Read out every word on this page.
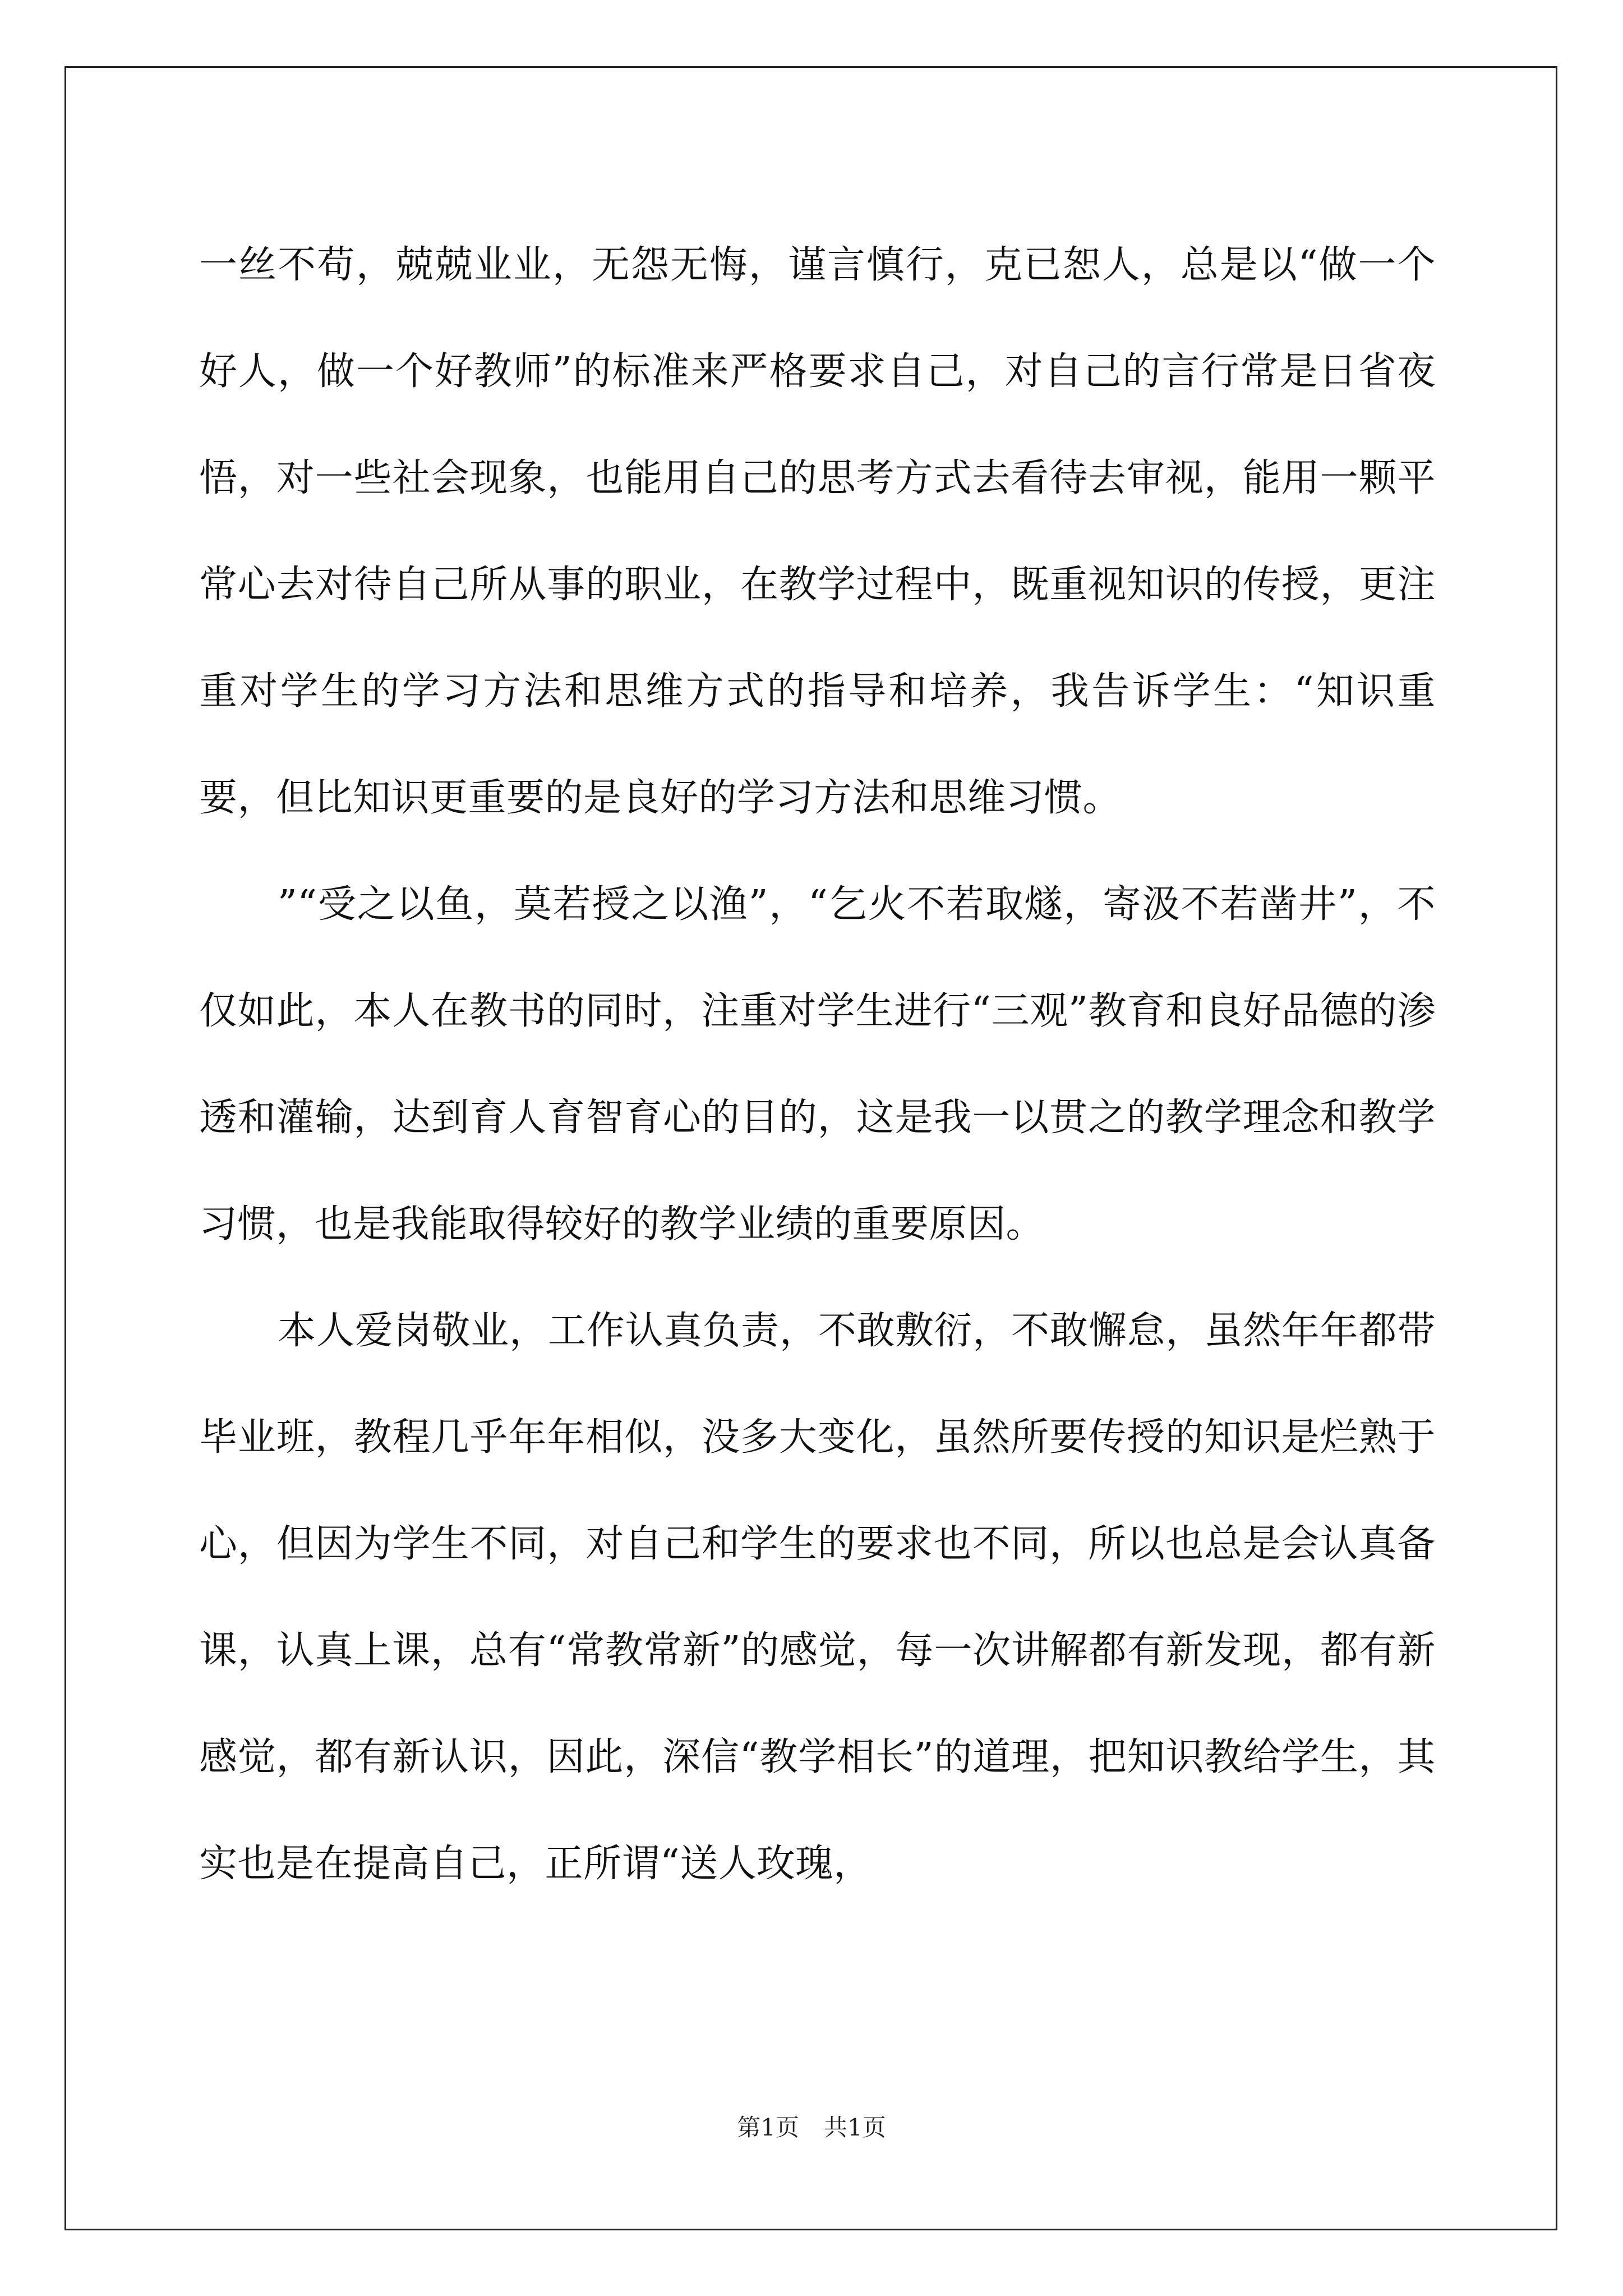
一丝不苟，兢兢业业，无怨无悔，谨言慎行，克已恕人，总是以“做一个好人，做一个好教师”的标准来严格要求自己，对自己的言行常是日省夜悟，对一些社会现象，也能用自己的思考方式去看待去审视，能用一颗平常心去对待自己所从事的职业，在教学过程中，既重视知识的传授，更注重对学生的学习方法和思维方式的指导和培养，我告诉学生：“知识重要，但比知识更重要的是良好的学习方法和思维习惯。

”“受之以鱼，莫若授之以渔”，“乞火不若取燧，寄汲不若凿井”，不仅如此，本人在教书的同时，注重对学生进行“三观”教育和良好品德的渗透和灌输，达到育人育智育心的目的，这是我一以贯之的教学理念和教学习惯，也是我能取得较好的教学业绩的重要原因。

本人爱岗敬业，工作认真负责，不敢敷衍，不敢懈怠，虽然年年都带毕业班，教程几乎年年相似，没多大变化，虽然所要传授的知识是烂熟于心，但因为学生不同，对自己和学生的要求也不同，所以也总是会认真备课，认真上课，总有“常教常新”的感觉，每一次讲解都有新发现，都有新感觉，都有新认识，因此，深信“教学相长”的道理，把知识教给学生，其实也是在提高自己，正所谓“送人玫瑰，

第1页 共1页
